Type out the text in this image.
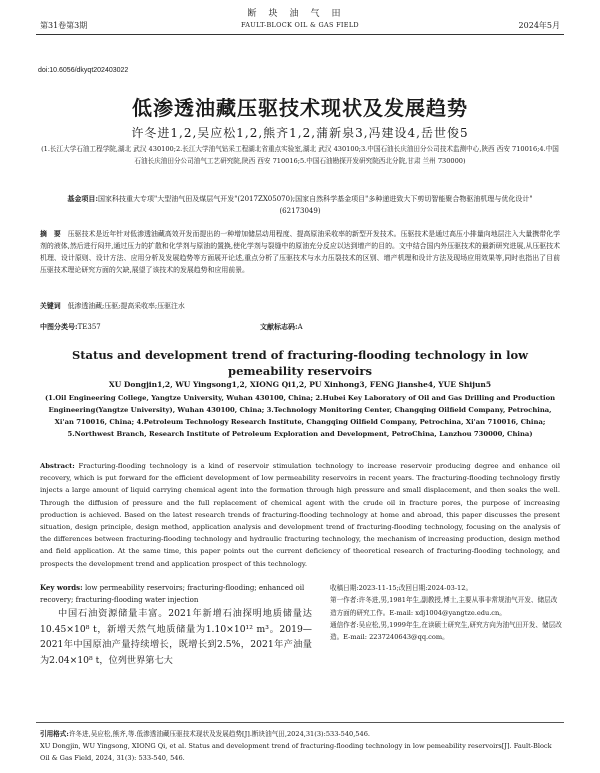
断块油气田
第31卷第3期	FAULT-BLOCK OIL & GAS FIELD	2024年5月
doi:10.6056/dkyqt202403022
低渗透油藏压驱技术现状及发展趋势
许冬进1,2,吴应松1,2,熊齐1,2,蒲新泉3,冯建设4,岳世俊5
(1.长江大学石油工程学院,湖北 武汉 430100;2.长江大学油气钻采工程湖北省重点实验室,湖北 武汉 430100;3.中国石油长庆油田分公司技术监测中心,陕西 西安 710016;4.中国石油长庆油田分公司油气工艺研究院,陕西 西安 710016;5.中国石油勘探开发研究院西北分院,甘肃 兰州 730000)
基金项目:国家科技重大专项"大型油气田及煤层气开发"(2017ZX05070);国家自然科学基金项目"多种递进致大下剪切智能聚合物驱油机理与优化设计"(62173049)
摘　要　 压驱技术是近年针对低渗透油藏高效开发而提出的一种增加储层动用程度、提高原油采收率的新型开发技术。压驱技术是通过高压小排量向地层注入大量携带化学剂的液体,然后进行闷井,通过压力的扩散和化学剂与原油的置换,使化学剂与裂缝中的原油充分反应以达到增产的目的。文中结合国内外压驱技术的最新研究进展,从压驱技术机理、设计原则、设计方法、应用分析及发展趋势等方面展开论述,重点分析了压驱技术与水力压裂技术的区别、增产机理和设计方法及现场应用效果等,同时也指出了目前压驱技术理论研究方面的欠缺,展望了该技术的发展趋势和应用前景。
关键词　 低渗透油藏;压驱;提高采收率;压驱注水
中图分类号:TE357	文献标志码:A
Status and development trend of fracturing-flooding technology in low pemeability reservoirs
XU Dongjin1,2, WU Yingsong1,2, XIONG Qi1,2, PU Xinhong3, FENG Jianshe4, YUE Shijun5
(1.Oil Engineering College, Yangtze University, Wuhan 430100, China; 2.Hubei Key Laboratory of Oil and Gas Drilling and Production Engineering(Yangtze University), Wuhan 430100, China; 3.Technology Monitoring Center, Changqing Oilfield Company, Petrochina, Xi'an 710016, China; 4.Petroleum Technology Research Institute, Changqing Oilfield Company, Petrochina, Xi'an 710016, China; 5.Northwest Branch, Research Institute of Petroleum Exploration and Development, PetroChina, Lanzhou 730000, China)
Abstract: Fracturing-flooding technology is a kind of reservoir stimulation technology to increase reservoir producing degree and enhance oil recovery, which is put forward for the efficient development of low permeability reservoirs in recent years. The fracturing-flooding technology firstly injects a large amount of liquid carrying chemical agent into the formation through high pressure and small displacement, and then soaks the well. Through the diffusion of pressure and the full replacement of chemical agent with the crude oil in fracture pores, the purpose of increasing production is achieved. Based on the latest research trends of fracturing-flooding technology at home and abroad, this paper discusses the present situation, design principle, design method, application analysis and development trend of fracturing-flooding technology, focusing on the analysis of the differences between fracturing-flooding technology and hydraulic fracturing technology, the mechanism of increasing production, design method and field application. At the same time, this paper points out the current deficiency of theoretical research of fracturing-flooding technology, and prospects the development trend and application prospect of this technology.
Key words: low permeability reservoirs; fracturing-flooding; enhanced oil recovery; fracturing-flooding water injection
中国石油资源储量丰富。2021年新增石油探明地质储量达10.45×10⁸ t，新增天然气地质储量为1.10×10¹² m³。2019—2021年中国原油产量持续增长，既增长到2.5%，2021年产油量为2.04×10⁸ t，位列世界第七大
收稿日期:2023-11-15;改回日期:2024-03-12。
第一作者:许冬进,男,1981年生,副教授,博士,主要从事非常规油气开发、储层改造方面的研究工作。E-mail: xdj1004@yangtze.edu.cn。
通信作者:吴应松,男,1999年生,在读硕士研究生,研究方向为油气田开发、储层改造。E-mail: 2237240643@qq.com。
引用格式:许冬进,吴应松,熊齐,等.低渗透油藏压驱技术现状及发展趋势[J].断块油气田,2024,31(3):533-540,546.
XU Dongjin, WU Yingsong, XIONG Qi, et al. Status and development trend of fracturing-flooding technology in low pemeability reservoirs[J]. Fault-Block Oil & Gas Field, 2024, 31(3): 533-540, 546.
